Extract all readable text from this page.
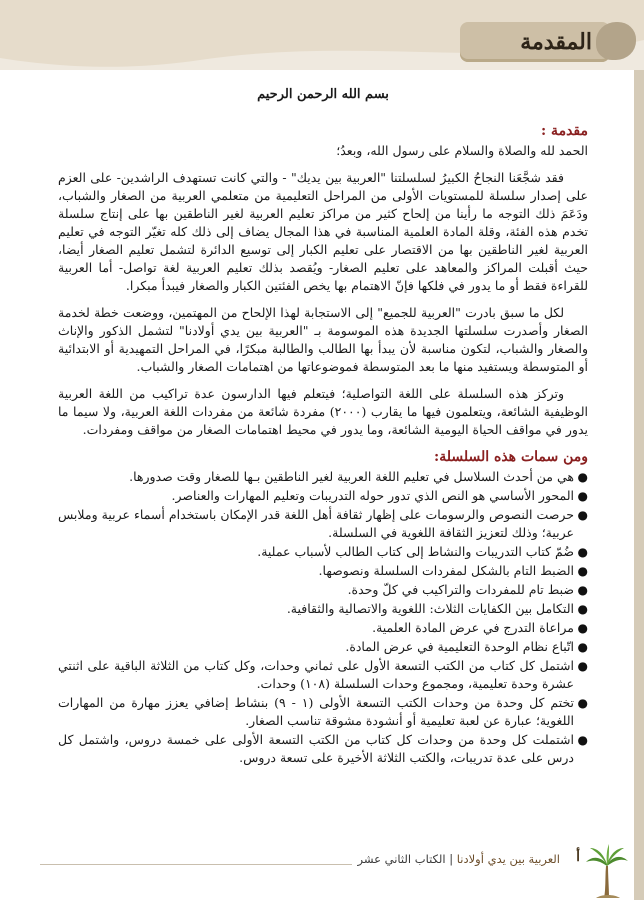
المقدمة
بسم الله الرحمن الرحيم
مقدمة :

الحمد لله والصلاة والسلام على رسول الله، وبعدُ؛

فقد شجَّعَنا النجاحُ الكبيرُ لسلسلتنا "العربية بين يديك" - والتي كانت تستهدف الراشدين- على العزم على إصدار سلسلة للمستويات الأولى من المراحل التعليمية من متعلمي العربية من الصغار والشباب، ودَعَمَ ذلك التوجه ما رأينا من إلحاح كثير من مراكز تعليم العربية لغير الناطقين بها على إنتاج سلسلة تخدم هذه الفئة، وقلة المادة العلمية المناسبة في هذا المجال يضاف إلى ذلك كله تغيّر التوجه في تعليم العربية لغير الناطقين بها من الاقتصار على تعليم الكبار إلى توسيع الدائرة لتشمل تعليم الصغار أيضا، حيث أقبلت المراكز والمعاهد على تعليم الصغار- ويُقصد بذلك تعليم العربية لغة تواصل- أما العربية للقراءة فقط أو ما يدور في فلكها فإنّ الاهتمام بها يخص الفئتين الكبار والصغار فيبدأ مبكرا.

لكل ما سبق بادرت "العربية للجميع" إلى الاستجابة لهذا الإلحاح من المهتمين، ووضعت خطة لخدمة الصغار وأصدرت سلسلتها الجديدة هذه الموسومة بـ "العربية بين يدي أولادنا" لتشمل الذكور والإناث والصغار والشباب، لتكون مناسبة لأن يبدأ بها الطالب والطالبة مبكرًا، في المراحل التمهيدية أو الابتدائية أو المتوسطة ويستفيد منها ما بعد المتوسطة فموضوعاتها من اهتمامات الصغار والشباب.

وتركز هذه السلسلة على اللغة التواصلية؛ فيتعلم فيها الدارسون عدة تراكيب من اللغة العربية الوظيفية الشائعة، ويتعلمون فيها ما يقارب (٢٠٠٠) مفردة شائعة من مفردات اللغة العربية، ولا سيما ما يدور في مواقف الحياة اليومية الشائعة، وما يدور في محيط اهتمامات الصغار من مواقف ومفردات.

ومن سمات هذه السلسلة:
●
هي من أحدث السلاسل في تعليم اللغة العربية لغير الناطقين بـها للصغار وقت صدورها.
●
المحور الأساسي هو النص الذي تدور حوله التدريبات وتعليم المهارات والعناصر.
●
حرصت النصوص والرسومات على إظهار ثقافة أهل اللغة قدر الإمكان باستخدام أسماء عربية وملابس عربية؛ وذلك لتعزيز الثقافة اللغوية في السلسلة.
●
ضُمّ كتاب التدريبات والنشاط إلى كتاب الطالب لأسباب عملية.
●
الضبط التام بالشكل لمفردات السلسلة ونصوصها.
●
ضبط تام للمفردات والتراكيب في كلّ وحدة.
●
التكامل بين الكفايات الثلاث: اللغوية والاتصالية والثقافية.
●
مراعاة التدرج في عرض المادة العلمية.
●
اتّباع نظام الوحدة التعليمية في عرض المادة.
●
اشتمل كل كتاب من الكتب التسعة الأول على ثماني وحدات، وكل كتاب من الثلاثة الباقية على اثنتي عشرة وحدة تعليمية، ومجموع وحدات السلسلة (١٠٨) وحدات.
●
تختم كل وحدة من وحدات الكتب التسعة الأولى (١ - ٩) بنشاط إضافي يعزز مهارة من المهارات اللغوية؛ عبارة عن لعبة تعليمية أو أنشودة مشوقة تناسب الصغار.
●
اشتملت كل وحدة من وحدات كل كتاب من الكتب التسعة الأولى على خمسة دروس، واشتمل كل درس على عدة تدريبات، والكتب الثلاثة الأخيرة على تسعة دروس.
العربية بين يدي أولادنا | الكتاب الثاني عشر	أ
